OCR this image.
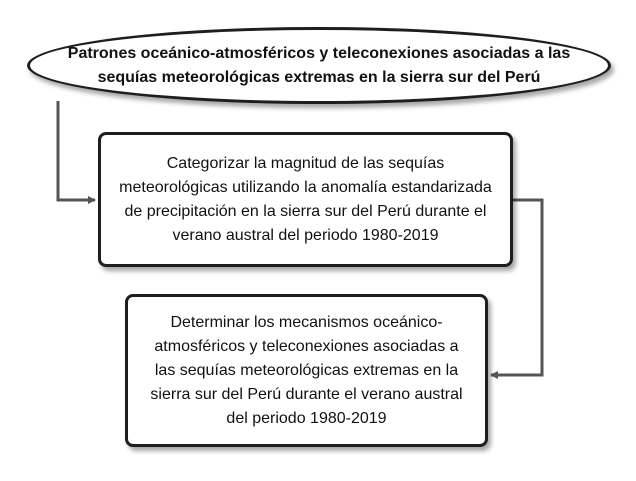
Patrones oceánico-atmosféricos y teleconexiones asociadas a las sequías meteorológicas extremas en la sierra sur del Perú
Categorizar la magnitud de las sequías meteorológicas utilizando la anomalía estandarizada de precipitación en la sierra sur del Perú durante el verano austral del periodo 1980-2019
Determinar los mecanismos oceánico-atmosféricos y teleconexiones asociadas a las sequías meteorológicas extremas en la sierra sur del Perú durante el verano austral del periodo 1980-2019
